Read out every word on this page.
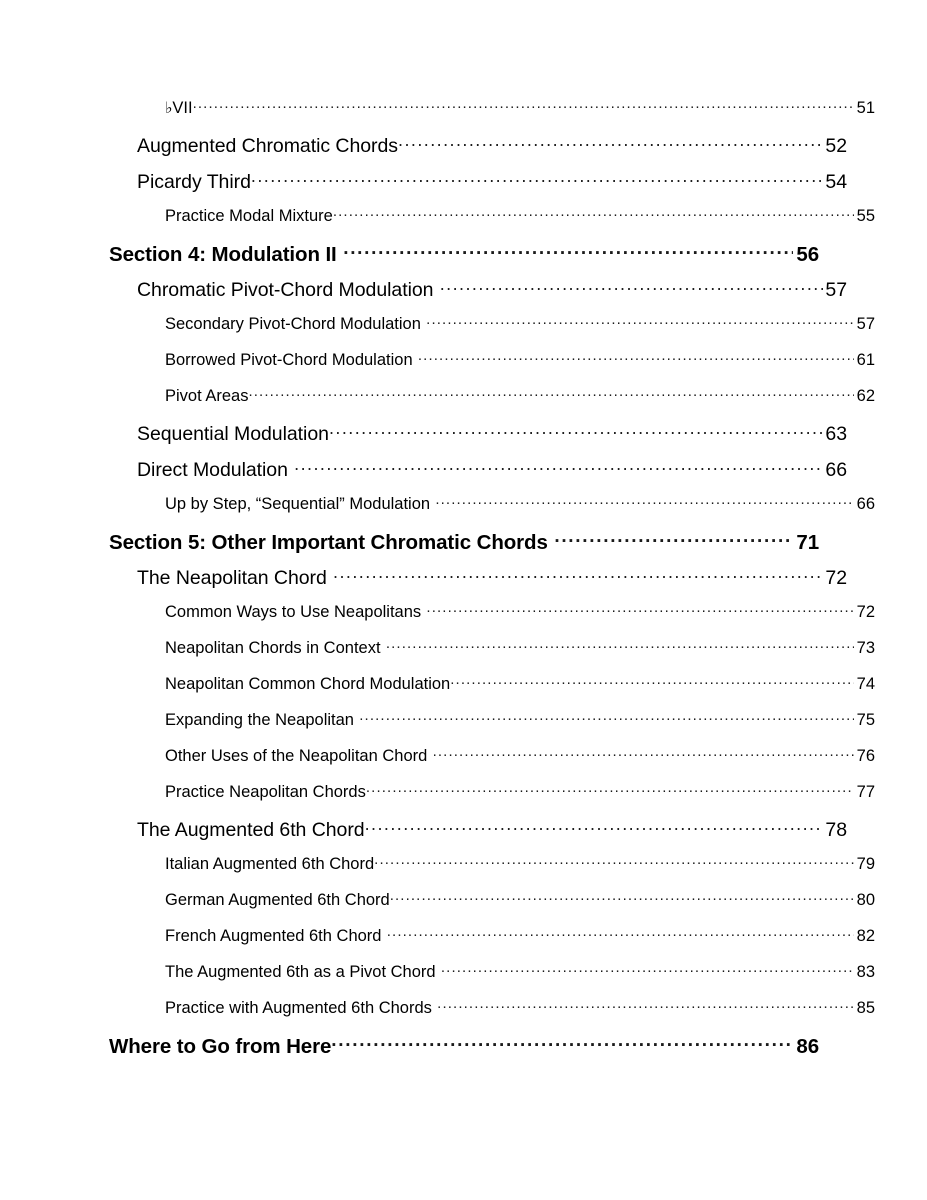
♭VII .....	51
Augmented Chromatic Chords .....	52
Picardy Third .....	54
Practice Modal Mixture .....	55
Section 4: Modulation II .....	56
Chromatic Pivot-Chord Modulation .....	57
Secondary Pivot-Chord Modulation .....	57
Borrowed Pivot-Chord Modulation .....	61
Pivot Areas .....	62
Sequential Modulation .....	63
Direct Modulation .....	66
Up by Step, “Sequential” Modulation .....	66
Section 5: Other Important Chromatic Chords .....	71
The Neapolitan Chord .....	72
Common Ways to Use Neapolitans .....	72
Neapolitan Chords in Context .....	73
Neapolitan Common Chord Modulation .....	74
Expanding the Neapolitan .....	75
Other Uses of the Neapolitan Chord .....	76
Practice Neapolitan Chords .....	77
The Augmented 6th Chord .....	78
Italian Augmented 6th Chord .....	79
German Augmented 6th Chord .....	80
French Augmented 6th Chord .....	82
The Augmented 6th as a Pivot Chord .....	83
Practice with Augmented 6th Chords .....	85
Where to Go from Here .....	86
